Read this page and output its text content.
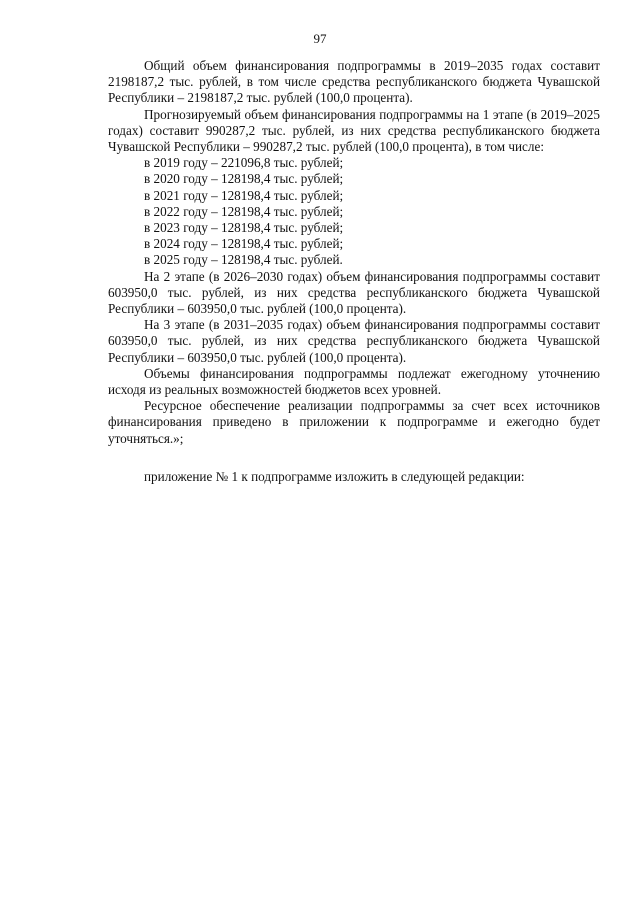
97

Общий объем финансирования подпрограммы в 2019–2035 годах составит 2198187,2 тыс. рублей, в том числе средства республиканского бюджета Чувашской Республики – 2198187,2 тыс. рублей (100,0 процента).

Прогнозируемый объем финансирования подпрограммы на 1 этапе (в 2019–2025 годах) составит 990287,2 тыс. рублей, из них средства республиканского бюджета Чувашской Республики – 990287,2 тыс. рублей (100,0 процента), в том числе:

в 2019 году – 221096,8 тыс. рублей;
в 2020 году – 128198,4 тыс. рублей;
в 2021 году – 128198,4 тыс. рублей;
в 2022 году – 128198,4 тыс. рублей;
в 2023 году – 128198,4 тыс. рублей;
в 2024 году – 128198,4 тыс. рублей;
в 2025 году – 128198,4 тыс. рублей.

На 2 этапе (в 2026–2030 годах) объем финансирования подпрограммы составит 603950,0 тыс. рублей, из них средства республиканского бюджета Чувашской Республики – 603950,0 тыс. рублей (100,0 процента).

На 3 этапе (в 2031–2035 годах) объем финансирования подпрограммы составит 603950,0 тыс. рублей, из них средства республиканского бюджета Чувашской Республики – 603950,0 тыс. рублей (100,0 процента).

Объемы финансирования подпрограммы подлежат ежегодному уточнению исходя из реальных возможностей бюджетов всех уровней.

Ресурсное обеспечение реализации подпрограммы за счет всех источников финансирования приведено в приложении к подпрограмме и ежегодно будет уточняться.»;

приложение № 1 к подпрограмме изложить в следующей редакции:
